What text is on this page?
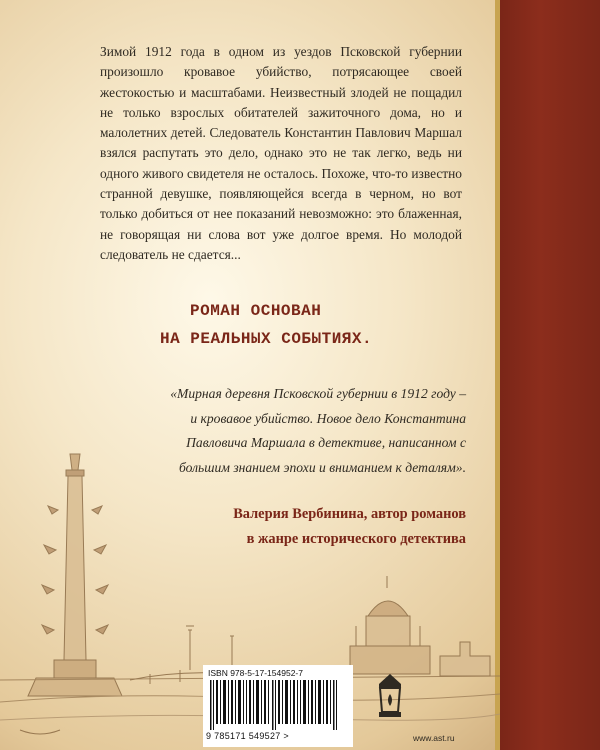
Зимой 1912 года в одном из уездов Псковской губернии произошло кровавое убийство, потрясающее своей жестокостью и масштабами. Неизвестный злодей не пощадил не только взрослых обитателей зажиточного дома, но и малолетних детей. Следователь Константин Павлович Маршал взялся распутать это дело, однако это не так легко, ведь ни одного живого свидетеля не осталось. Похоже, что-то известно странной девушке, появляющейся всегда в черном, но вот только добиться от нее показаний невозможно: это блаженная, не говорящая ни слова вот уже долгое время. Но молодой следователь не сдается...

РОМАН ОСНОВАН

НА РЕАЛЬНЫХ СОБЫТИЯХ.

«Мирная деревня Псковской губернии в 1912 году – и кровавое убийство. Новое дело Константина Павловича Маршала в детективе, написанном с большим знанием эпохи и вниманием к деталям».

Валерия Вербинина, автор романов
в жанре исторического детектива

ISBN 978-5-17-154952-7

9 785171 549527 >	www.ast.ru
